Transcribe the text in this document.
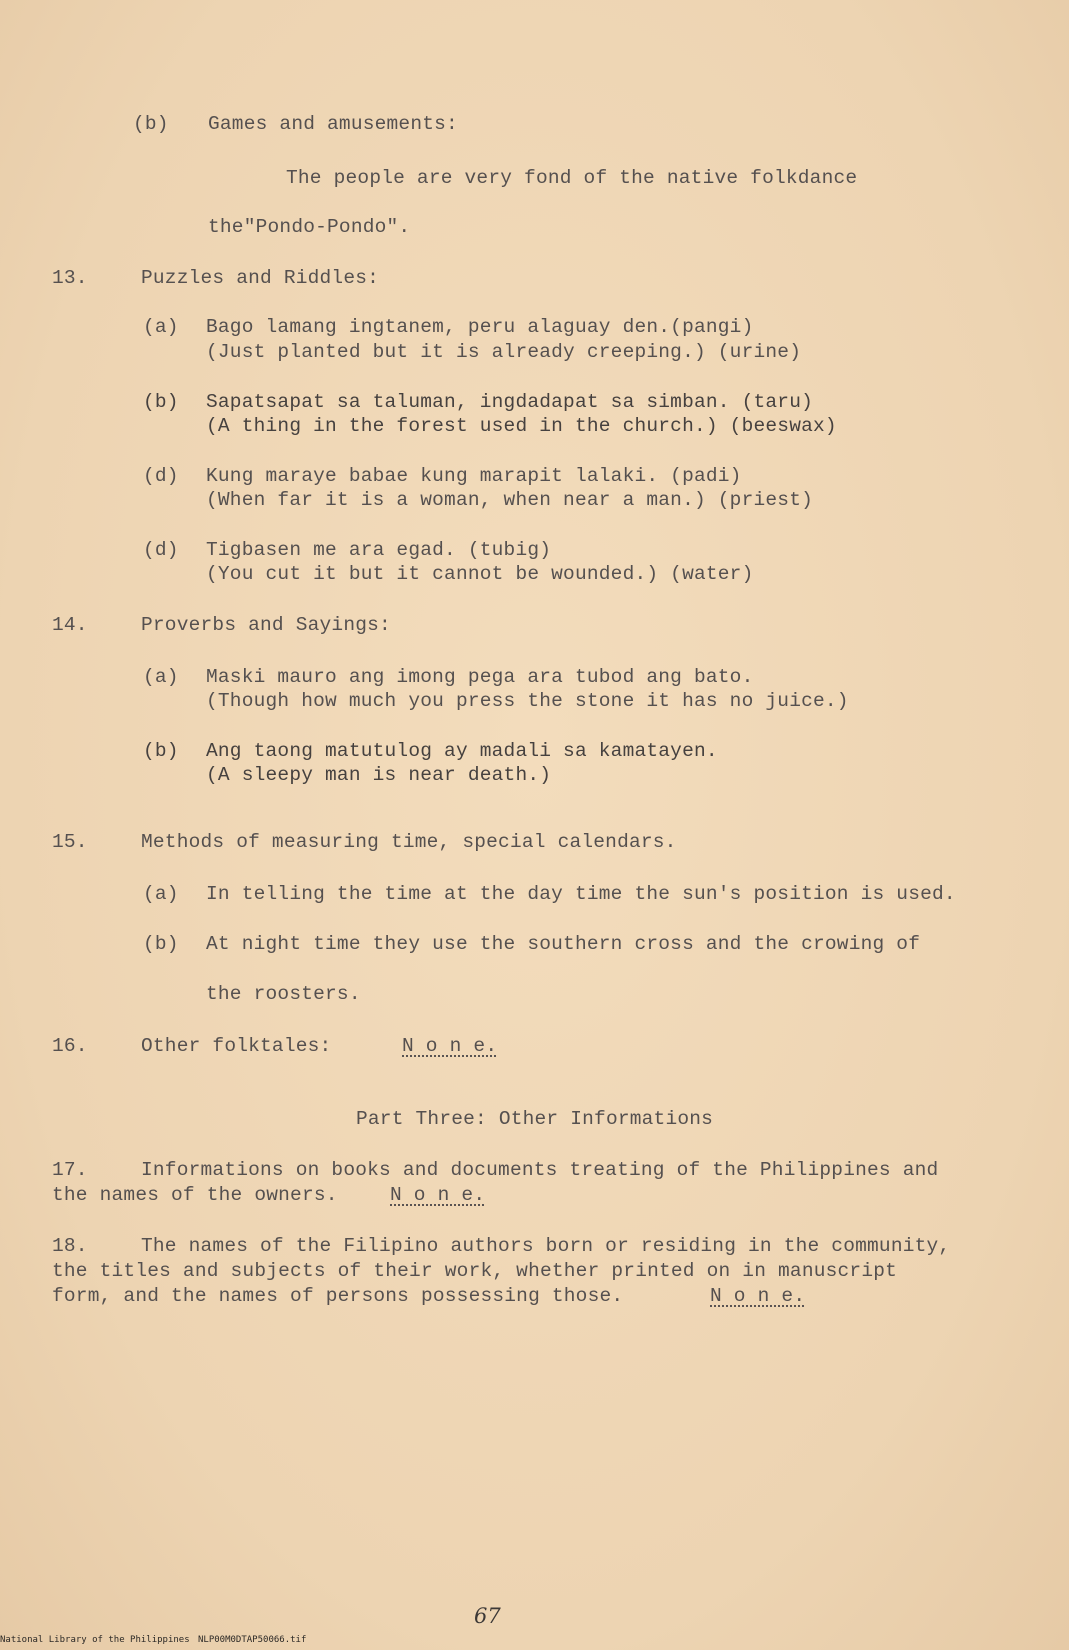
(b) Games and amusements:
The people are very fond of the native folkdance
the"Pondo-Pondo".
13.	Puzzles and Riddles:
(a) Bago lamang ingtanem, peru alaguay den.(pangi)
(Just planted but it is already creeping.) (urine)
(b) Sapatsapat sa taluman, ingdadapat sa simban. (taru)
(A thing in the forest used in the church.) (beeswax)
(d) Kung maraye babae kung marapit lalaki. (padi)
(When far it is a woman, when near a man.) (priest)
(d) Tigbasen me ara egad. (tubig)
(You cut it but it cannot be wounded.) (water)
14.	Proverbs and Sayings:
(a) Maski mauro ang imong pega ara tubod ang bato.
(Though how much you press the stone it has no juice.)
(b) Ang taong matutulog ay madali sa kamatayen.
(A sleepy man is near death.)
15.	Methods of measuring time, special calendars.
(a) In telling the time at the day time the sun's position is used.
(b) At night time they use the southern cross and the crowing of
the roosters.
16.	Other folktales:	N o n e.
Part Three: Other Informations
17.	Informations on books and documents treating of the Philippines and
the names of the owners.	N o n e.
18.	The names of the Filipino authors born or residing in the community,
the titles and subjects of their work, whether printed on in manuscript
form, and the names of persons possessing those.	N o n e.
67
National Library of the Philippines NLP00M0DTAP50066.tif
